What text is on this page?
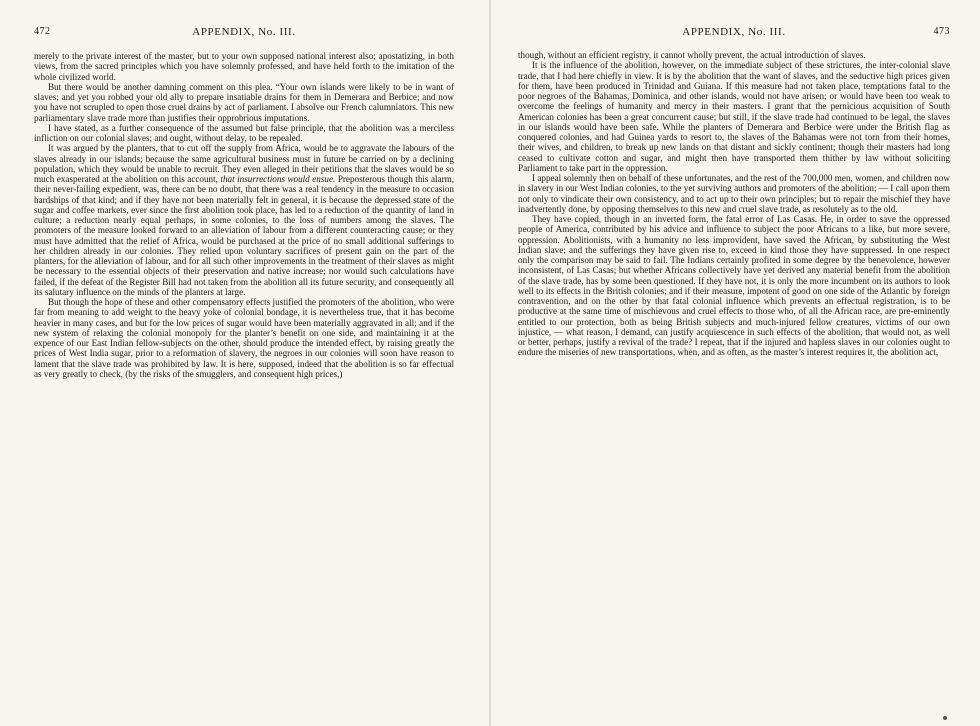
472	APPENDIX, No. III.

merely to the private interest of the master, but to your own supposed national interest also; apostatizing, in both views, from the sacred principles which you have solemnly professed, and have held forth to the imitation of the whole civilized world.

But there would be another damning comment on this plea. “Your own islands were likely to be in want of slaves; and yet you robbed your old ally to prepare insatiable drains for them in Demerara and Berbice; and now you have not scrupled to open those cruel drains by act of parliament. I absolve our French calumniators. This new parliamentary slave trade more than justifies their opprobrious imputations.

I have stated, as a further consequence of the assumed but false principle, that the abolition was a merciless infliction on our colonial slaves; and ought, without delay, to be repealed.

It was argued by the planters, that to cut off the supply from Africa, would be to aggravate the labours of the slaves already in our islands; because the same agricultural business must in future be carried on by a declining population, which they would be unable to recruit. They even alleged in their petitions that the slaves would be so much exasperated at the abolition on this account, that insurrections would ensue. Preposterous though this alarm, their never-failing expedient, was, there can be no doubt, that there was a real tendency in the measure to occasion hardships of that kind; and if they have not been materially felt in general, it is because the depressed state of the sugar and coffee markets, ever since the first abolition took place, has led to a reduction of the quantity of land in culture; a reduction nearly equal perhaps, in some colonies, to the loss of numbers among the slaves. The promoters of the measure looked forward to an alleviation of labour from a different counteracting cause; or they must have admitted that the relief of Africa, would be purchased at the price of no small additional sufferings to her children already in our colonies. They relied upon voluntary sacrifices of present gain on the part of the planters, for the alleviation of labour, and for all such other improvements in the treatment of their slaves as might be necessary to the essential objects of their preservation and native increase; nor would such calculations have failed, if the defeat of the Register Bill had not taken from the abolition all its future security, and consequently all its salutary influence on the minds of the planters at large.

But though the hope of these and other compensatory effects justified the promoters of the abolition, who were far from meaning to add weight to the heavy yoke of colonial bondage, it is nevertheless true, that it has become heavier in many cases, and but for the low prices of sugar would have been materially aggravated in all; and if the new system of relaxing the colonial monopoly for the planter’s benefit on one side, and maintaining it at the expence of our East Indian fellow-subjects on the other, should produce the intended effect, by raising greatly the prices of West India sugar, prior to a reformation of slavery, the negroes in our colonies will soon have reason to lament that the slave trade was prohibited by law. It is here, supposed, indeed that the abolition is so far effectual as very greatly to check, (by the risks of the smugglers, and consequent high prices,)

APPENDIX, No. III.	473

though, without an efficient registry, it cannot wholly prevent, the actual introduction of slaves.

It is the influence of the abolition, however, on the immediate subject of these strictures, the inter-colonial slave trade, that I had here chiefly in view. It is by the abolition that the want of slaves, and the seductive high prices given for them, have been produced in Trinidad and Guiana. If this measure had not taken place, temptations fatal to the poor negroes of the Bahamas, Dominica, and other islands, would not have arisen; or would have been too weak to overcome the feelings of humanity and mercy in their masters. I grant that the pernicious acquisition of South American colonies has been a great concurrent cause; but still, if the slave trade had continued to be legal, the slaves in our islands would have been safe. While the planters of Demerara and Berbice were under the British flag as conquered colonies, and had Guinea yards to resort to, the slaves of the Bahamas were not torn from their homes, their wives, and children, to break up new lands on that distant and sickly continent; though their masters had long ceased to cultivate cotton and sugar, and might then have transported them thither by law without soliciting Parliament to take part in the oppression.

I appeal solemnly then on behalf of these unfortunates, and the rest of the 700,000 men, women, and children now in slavery in our West Indian colonies, to the yet surviving authors and promoters of the abolition; — I call upon them not only to vindicate their own consistency, and to act up to their own principles; but to repair the mischief they have inadvertently done, by opposing themselves to this new and cruel slave trade, as resolutely as to the old.

They have copied, though in an inverted form, the fatal error of Las Casas. He, in order to save the oppressed people of America, contributed by his advice and influence to subject the poor Africans to a like, but more severe, oppression. Abolitionists, with a humanity no less improvident, have saved the African, by substituting the West Indian slave; and the sufferings they have given rise to, exceed in kind those they have suppressed. In one respect only the comparison may be said to fail. The Indians certainly profited in some degree by the benevolence, however inconsistent, of Las Casas; but whether Africans collectively have yet derived any material benefit from the abolition of the slave trade, has by some been questioned. If they have not, it is only the more incumbent on its authors to look well to its effects in the British colonies; and if their measure, impotent of good on one side of the Atlantic by foreign contravention, and on the other by that fatal colonial influence which prevents an effectual registration, is to be productive at the same time of mischievous and cruel effects to those who, of all the African race, are pre-eminently entitled to our protection, both as being British subjects and much-injured fellow creatures, victims of our own injustice, — what reason, I demand, can justify acquiescence in such effects of the abolition, that would not, as well or better, perhaps, justify a revival of the trade? I repeat, that if the injured and hapless slaves in our colonies ought to endure the miseries of new transportations, when, and as often, as the master’s interest requires it, the abolition act,
